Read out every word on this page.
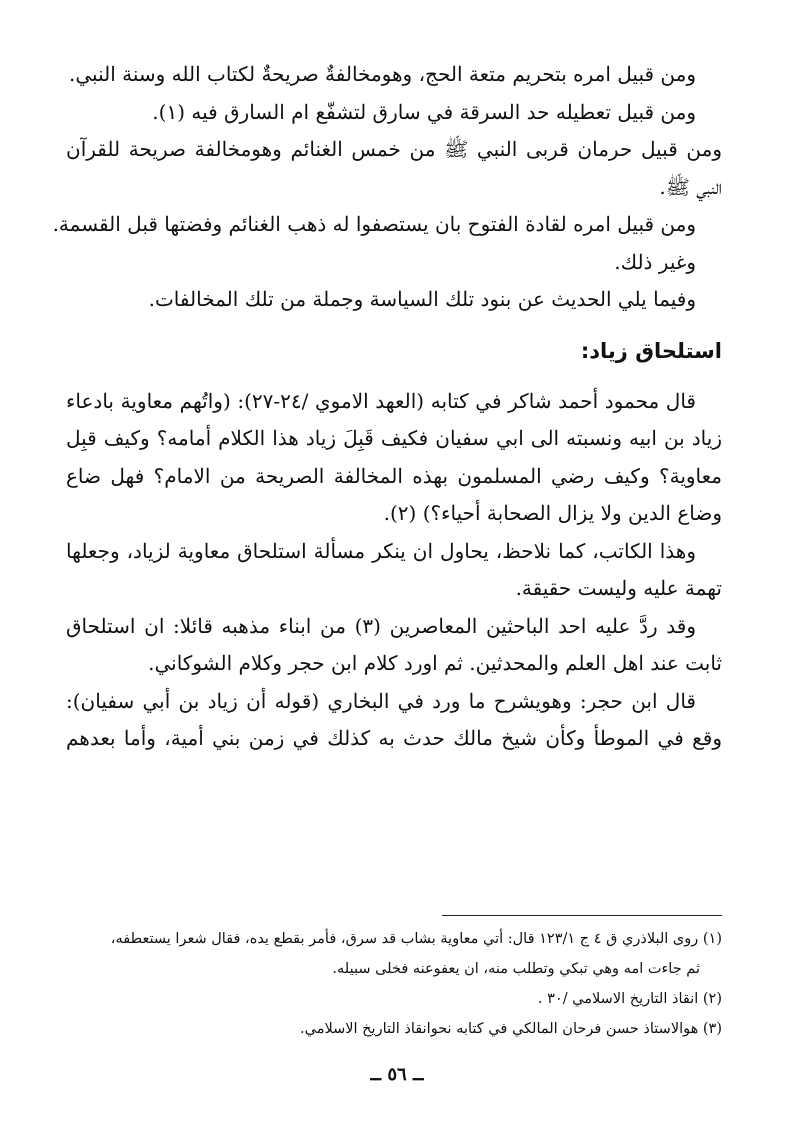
ومن قبيل امره بتحريم متعة الحج، وهومخالفةٌ صريحةٌ لكتاب الله وسنة النبي.
ومن قبيل تعطيله حد السرقة في سارق لتشفّع ام السارق فيه (١).
ومن قبيل حرمان قربى النبي ﷺ من خمس الغنائم وهومخالفة صريحة للقرآن
النبي ﷺ.
ومن قبيل امره لقادة الفتوح بان يستصفوا له ذهب الغنائم وفضتها قبل القسمة.
وغير ذلك.
وفيما يلي الحديث عن بنود تلك السياسة وجملة من تلك المخالفات.
استلحاق زياد:
قال محمود أحمد شاكر في كتابه (العهد الاموي /٢٤-٢٧): (واتُهم معاوية بادعاء
زياد بن ابيه ونسبته الى ابي سفيان فكيف قَبِلَ زياد هذا الكلام أمامه؟ وكيف قبِل
معاوية؟ وكيف رضي المسلمون بهذه المخالفة الصريحة من الامام؟ فهل ضاع
وضاع الدين ولا يزال الصحابة أحياء؟) (٢).
وهذا الكاتب، كما نلاحظ، يحاول ان ينكر مسألة استلحاق معاوية لزياد، وجعلها
تهمة عليه وليست حقيقة.
وقد ردَّ عليه احد الباحثين المعاصرين (٣) من ابناء مذهبه قائلا: ان استلحاق
ثابت عند اهل العلم والمحدثين. ثم اورد كلام ابن حجر وكلام الشوكاني.
قال ابن حجر: وهويشرح ما ورد في البخاري (قوله أن زياد بن أبي سفيان):
وقع في الموطأ وكأن شيخ مالك حدث به كذلك في زمن بني أمية، وأما بعدهم
(١) روى البلاذري ق ٤ ج ١٢٣/١ قال: أتي معاوية بشاب قد سرق، فأمر بقطع يده، فقال شعرا يستعطفه،
ثم جاءت امه وهي تبكي وتطلب منه، ان يعفوعنه فخلى سبيله.
(٢) انقاذ التاريخ الاسلامي /٣٠ .
(٣) هوالاستاذ حسن فرحان المالكي في كتابه نحوانقاذ التاريخ الاسلامي.
ــ ٥٦ ــ
